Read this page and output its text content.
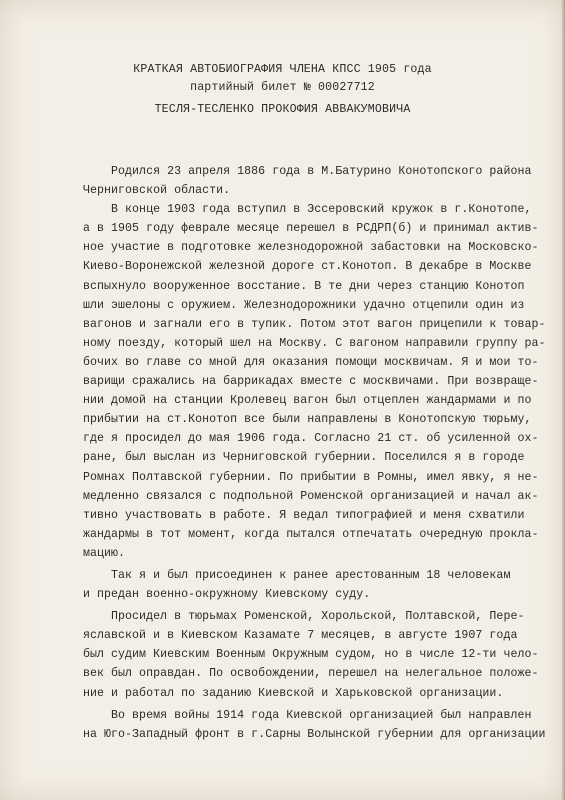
КРАТКАЯ АВТОБИОГРАФИЯ ЧЛЕНА КПСС 1905 года
партийный билет № 00027712
ТЕСЛЯ-ТЕСЛЕНКО ПРОКОФИЯ АВВАКУМОВИЧА
Родился 23 апреля 1886 года в М.Батурино Конотопского района
Черниговской области.
В конце 1903 года вступил в Эссеровский кружок в г.Конотопе,
а в 1905 году феврале месяце перешел в РСДРП(б) и принимал актив-
ное участие в подготовке железнодорожной забастовки на Московско-
Киево-Воронежской железной дороге ст.Конотоп. В декабре в Москве
вспыхнуло вооруженное восстание. В те дни через станцию Конотоп
шли эшелоны с оружием. Железнодорожники удачно отцепили один из
вагонов и загнали его в тупик. Потом этот вагон прицепили к товар-
ному поезду, который шел на Москву. С вагоном направили группу ра-
бочих во главе со мной для оказания помощи москвичам. Я и мои то-
варищи сражались на баррикадах вместе с москвичами. При возвраще-
нии домой на станции Кролевец вагон был отцеплен жандармами и по
прибытии на ст.Конотоп все были направлены в Конотопскую тюрьму,
где я просидел до мая 1906 года. Согласно 21 ст. об усиленной ох-
ране, был выслан из Черниговской губернии. Поселился я в городе
Ромнах Полтавской губернии. По прибытии в Ромны, имел явку, я не-
медленно связался с подпольной Роменской организацией и начал ак-
тивно участвовать в работе. Я ведал типографией и меня схватили
жандармы в тот момент, когда пытался отпечатать очередную прокла-
мацию.
Так я и был присоединен к ранее арестованным 18 человекам
и предан военно-окружному Киевскому суду.
Просидел в тюрьмах Роменской, Хорольской, Полтавской, Пере-
яславской и в Киевском Казамате 7 месяцев, в августе 1907 года
был судим Киевским Военным Окружным судом, но в числе 12-ти чело-
век был оправдан. По освобождении, перешел на нелегальное положе-
ние и работал по заданию Киевской и Харьковской организации.
Во время войны 1914 года Киевской организацией был направлен
на Юго-Западный фронт в г.Сарны Волынской губернии для организации
